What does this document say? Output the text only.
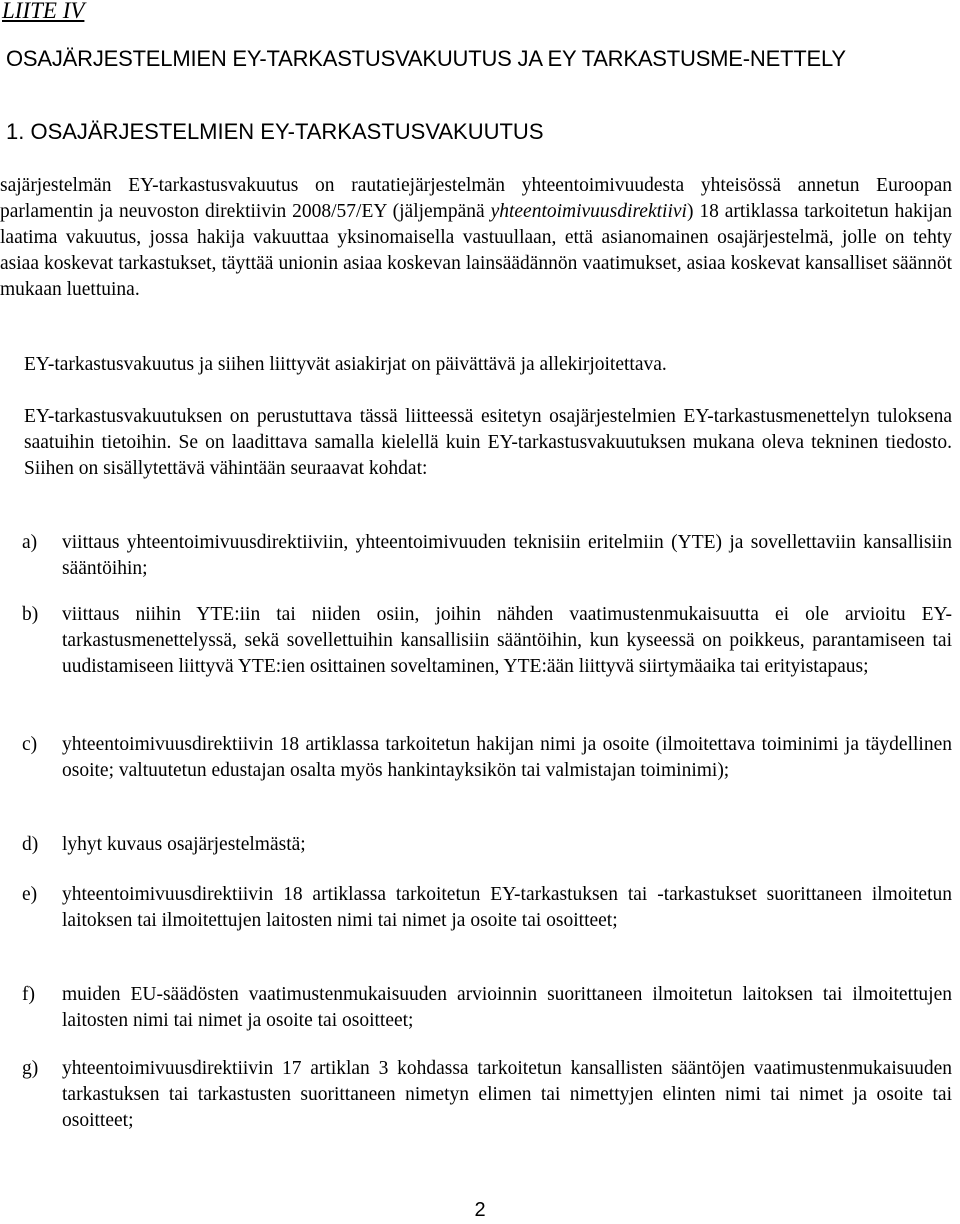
LIITE IV

OSAJÄRJESTELMIEN EY-TARKASTUSVAKUUTUS JA EY TARKASTUSME-NETTELY
1. OSAJÄRJESTELMIEN EY-TARKASTUSVAKUUTUS

sajärjestelmän EY-tarkastusvakuutus on rautatiejärjestelmän yhteentoimivuudesta yhteisössä annetun Euroopan parlamentin ja neuvoston direktiivin 2008/57/EY (jäljempänä yhteentoimivuusdirektiivi) 18 artiklassa tarkoitetun hakijan laatima vakuutus, jossa hakija vakuuttaa yksinomaisella vastuullaan, että asianomainen osajärjestelmä, jolle on tehty asiaa koskevat tarkastukset, täyttää unionin asiaa koskevan lainsäädännön vaatimukset, asiaa koskevat kansalliset säännöt mukaan luettuina.

EY-tarkastusvakuutus ja siihen liittyvät asiakirjat on päivättävä ja allekirjoitettava.

EY-tarkastusvakuutuksen on perustuttava tässä liitteessä esitetyn osajärjestelmien EY-tarkastusmenettelyn tuloksena saatuihin tietoihin. Se on laadittava samalla kielellä kuin EY-tarkastusvakuutuksen mukana oleva tekninen tiedosto. Siihen on sisällytettävä vähintään seuraavat kohdat:

a)	viittaus yhteentoimivuusdirektiiviin, yhteentoimivuuden teknisiin eritelmiin (YTE) ja sovellettaviin kansallisiin sääntöihin;
b)	viittaus niihin YTE:iin tai niiden osiin, joihin nähden vaatimustenmukaisuutta ei ole arvioitu EY-tarkastusmenettelyssä, sekä sovellettuihin kansallisiin sääntöihin, kun kyseessä on poikkeus, parantamiseen tai uudistamiseen liittyvä YTE:ien osittainen soveltaminen, YTE:ään liittyvä siirtymäaika tai erityistapaus;
c)	yhteentoimivuusdirektiivin 18 artiklassa tarkoitetun hakijan nimi ja osoite (ilmoitettava toiminimi ja täydellinen osoite; valtuutetun edustajan osalta myös hankintayksikön tai valmistajan toiminimi);
d)	lyhyt kuvaus osajärjestelmästä;
e)	yhteentoimivuusdirektiivin 18 artiklassa tarkoitetun EY-tarkastuksen tai -tarkastukset suorittaneen ilmoitetun laitoksen tai ilmoitettujen laitosten nimi tai nimet ja osoite tai osoitteet;
f)	muiden EU-säädösten vaatimustenmukaisuuden arvioinnin suorittaneen ilmoitetun laitoksen tai ilmoitettujen laitosten nimi tai nimet ja osoite tai osoitteet;
g)	yhteentoimivuusdirektiivin 17 artiklan 3 kohdassa tarkoitetun kansallisten sääntöjen vaatimustenmukaisuuden tarkastuksen tai tarkastusten suorittaneen nimetyn elimen tai nimettyjen elinten nimi tai nimet ja osoite tai osoitteet;

2
